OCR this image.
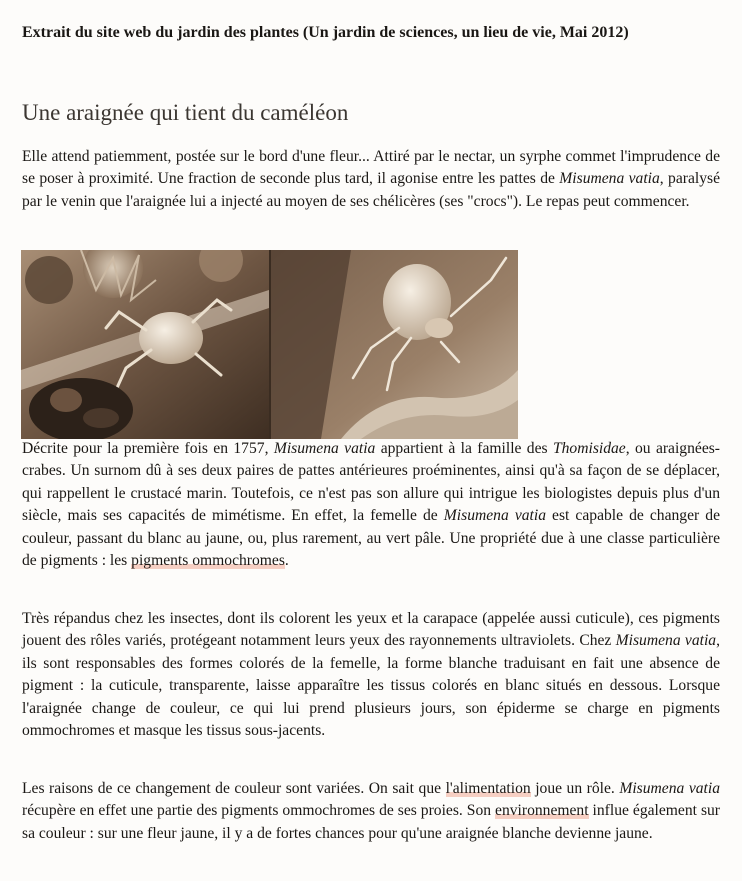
Extrait du site web du jardin des plantes (Un jardin de sciences, un lieu de vie, Mai 2012)
Une araignée qui tient du caméléon

Elle attend patiemment, postée sur le bord d'une fleur... Attiré par le nectar, un syrphe commet l'imprudence de se poser à proximité. Une fraction de seconde plus tard, il agonise entre les pattes de Misumena vatia, paralysé par le venin que l'araignée lui a injecté au moyen de ses chélicères (ses "crocs"). Le repas peut commencer.

Décrite pour la première fois en 1757, Misumena vatia appartient à la famille des Thomisidae, ou araignées-crabes. Un surnom dû à ses deux paires de pattes antérieures proéminentes, ainsi qu'à sa façon de se déplacer, qui rappellent le crustacé marin. Toutefois, ce n'est pas son allure qui intrigue les biologistes depuis plus d'un siècle, mais ses capacités de mimétisme. En effet, la femelle de Misumena vatia est capable de changer de couleur, passant du blanc au jaune, ou, plus rarement, au vert pâle. Une propriété due à une classe particulière de pigments : les pigments ommochromes.

Très répandus chez les insectes, dont ils colorent les yeux et la carapace (appelée aussi cuticule), ces pigments jouent des rôles variés, protégeant notamment leurs yeux des rayonnements ultraviolets. Chez Misumena vatia, ils sont responsables des formes colorés de la femelle, la forme blanche traduisant en fait une absence de pigment : la cuticule, transparente, laisse apparaître les tissus colorés en blanc situés en dessous. Lorsque l'araignée change de couleur, ce qui lui prend plusieurs jours, son épiderme se charge en pigments ommochromes et masque les tissus sous-jacents.

Les raisons de ce changement de couleur sont variées. On sait que l'alimentation joue un rôle. Misumena vatia récupère en effet une partie des pigments ommochromes de ses proies. Son environnement influe également sur sa couleur : sur une fleur jaune, il y a de fortes chances pour qu'une araignée blanche devienne jaune.
